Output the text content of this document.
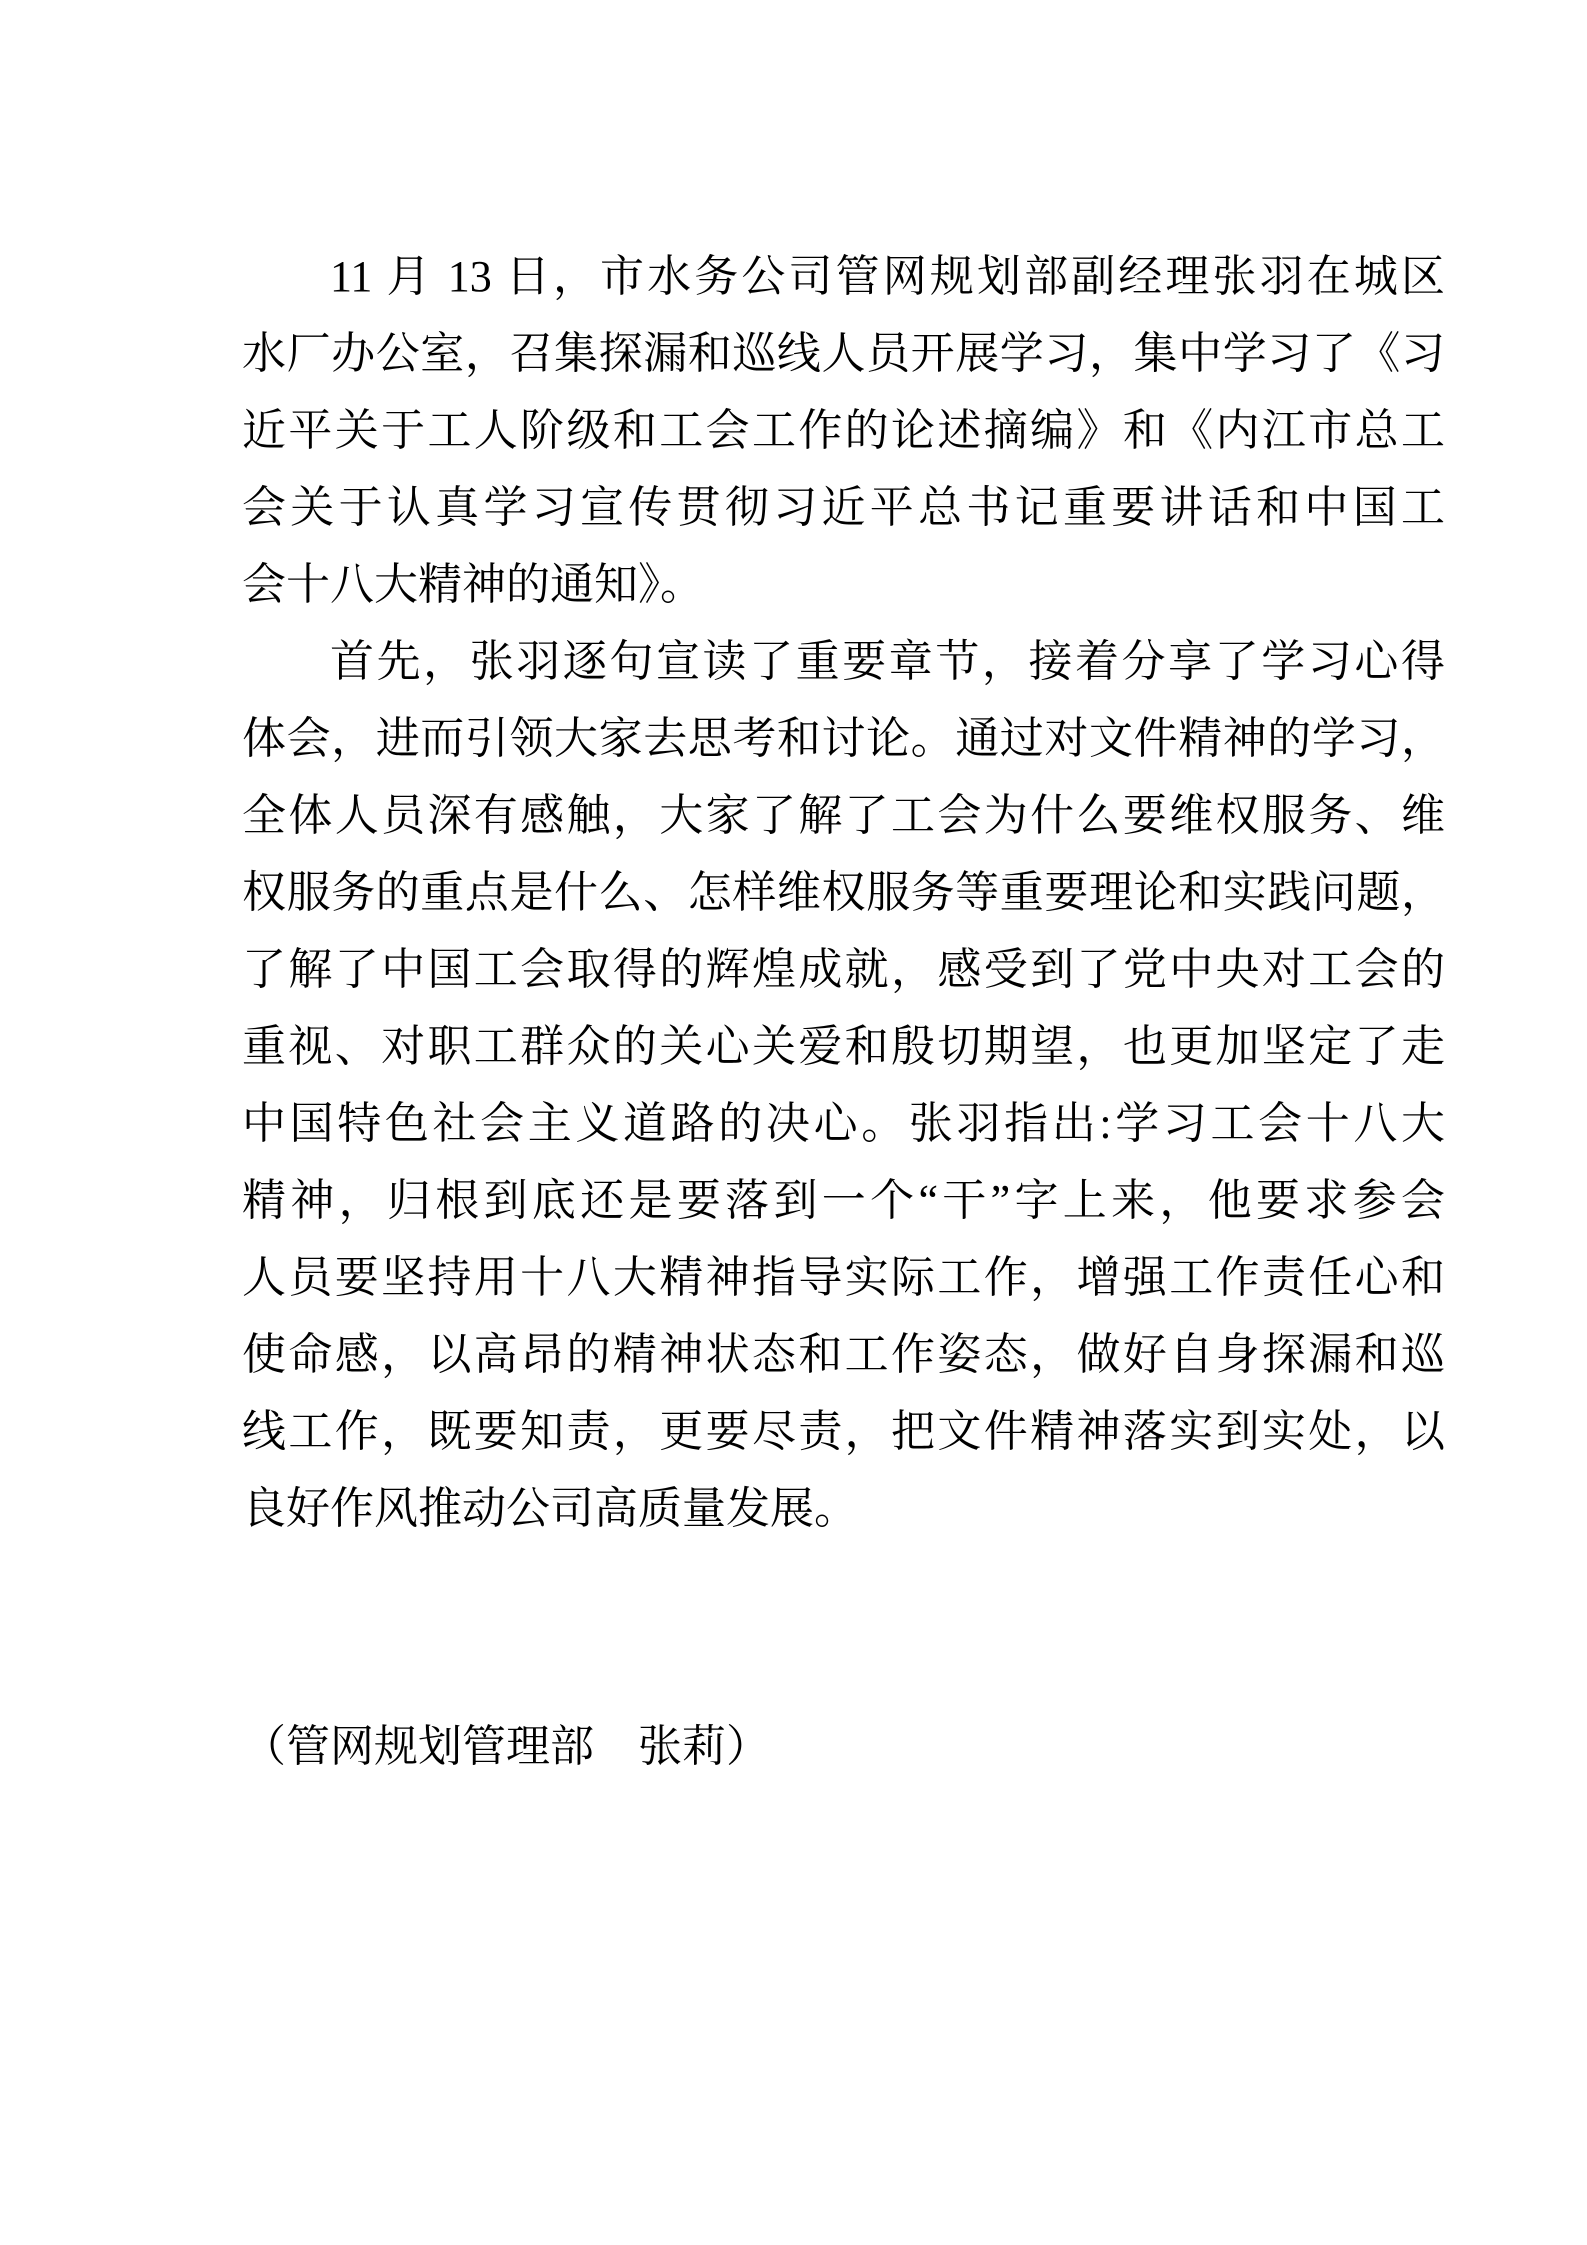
11 月 13 日，市水务公司管网规划部副经理张羽在城区
水厂办公室，召集探漏和巡线人员开展学习，集中学习了《习
近平关于工人阶级和工会工作的论述摘编》和《内江市总工
会关于认真学习宣传贯彻习近平总书记重要讲话和中国工
会十八大精神的通知》。
首先，张羽逐句宣读了重要章节，接着分享了学习心得
体会，进而引领大家去思考和讨论。通过对文件精神的学习，
全体人员深有感触，大家了解了工会为什么要维权服务、维
权服务的重点是什么、怎样维权服务等重要理论和实践问题，
了解了中国工会取得的辉煌成就，感受到了党中央对工会的
重视、对职工群众的关心关爱和殷切期望，也更加坚定了走
中国特色社会主义道路的决心。张羽指出:学习工会十八大
精神，归根到底还是要落到一个“干”字上来，他要求参会
人员要坚持用十八大精神指导实际工作，增强工作责任心和
使命感，以高昂的精神状态和工作姿态，做好自身探漏和巡
线工作，既要知责，更要尽责，把文件精神落实到实处，以
良好作风推动公司高质量发展。
（管网规划管理部　张莉）
